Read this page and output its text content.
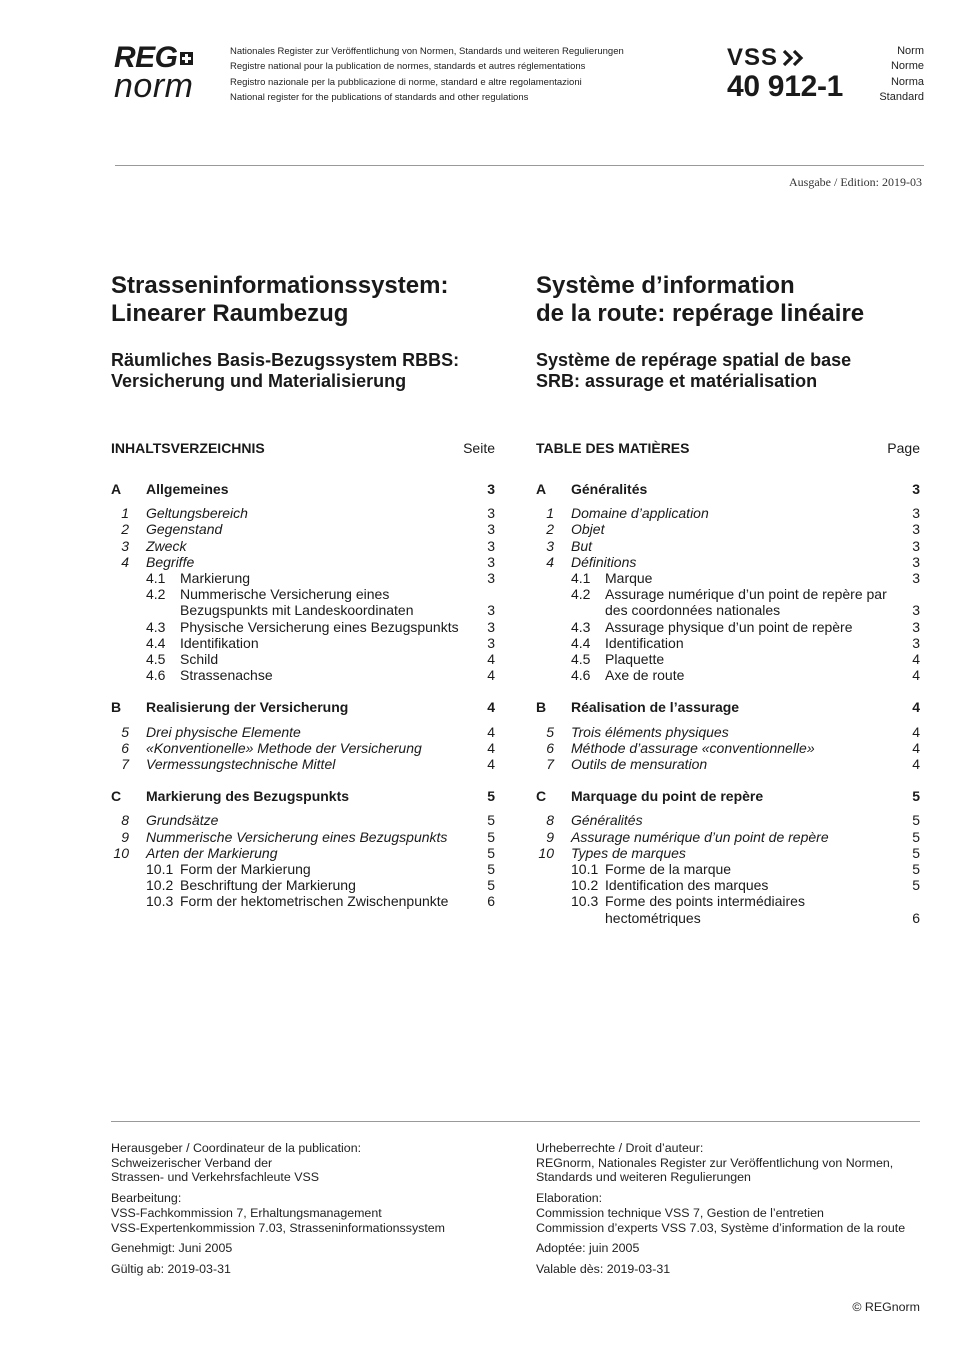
REG
norm
Nationales Register zur Veröffentlichung von Normen, Standards und weiteren Regulierungen
Registre national pour la publication de normes, standards et autres réglementations
Registro nazionale per la pubblicazione di norme, standard e altre regolamentazioni
National register for the publications of standards and other regulations
VSS
40 912-1
Norm
Norme
Norma
Standard
Ausgabe / Edition: 2019-03
Strasseninformationssystem:
Linearer Raumbezug
Räumliches Basis-Bezugssystem RBBS:
Versicherung und Materialisierung
INHALTSVERZEICHNIS	Seite
A Allgemeines	3
1 Geltungsbereich	3
2 Gegenstand	3
3 Zweck	3
4 Begriffe	3
4.1 Markierung	3
4.2 Nummerische Versicherung eines Bezugspunkts mit Landeskoordinaten	3
4.3 Physische Versicherung eines Bezugspunkts	3
4.4 Identifikation	3
4.5 Schild	4
4.6 Strassenachse	4
B Realisierung der Versicherung	4
5 Drei physische Elemente	4
6 «Konventionelle» Methode der Versicherung	4
7 Vermessungstechnische Mittel	4
C Markierung des Bezugspunkts	5
8 Grundsätze	5
9 Nummerische Versicherung eines Bezugspunkts	5
10 Arten der Markierung	5
10.1 Form der Markierung	5
10.2 Beschriftung der Markierung	5
10.3 Form der hektometrischen Zwischenpunkte	6
Système d’information
de la route: repérage linéaire
Système de repérage spatial de base
SRB: assurage et matérialisation
TABLE DES MATIÈRES	Page
A Généralités	3
1 Domaine d’application	3
2 Objet	3
3 But	3
4 Définitions	3
4.1 Marque	3
4.2 Assurage numérique d’un point de repère par des coordonnées nationales	3
4.3 Assurage physique d’un point de repère	3
4.4 Identification	3
4.5 Plaquette	4
4.6 Axe de route	4
B Réalisation de l’assurage	4
5 Trois éléments physiques	4
6 Méthode d’assurage «conventionnelle»	4
7 Outils de mensuration	4
C Marquage du point de repère	5
8 Généralités	5
9 Assurage numérique d’un point de repère	5
10 Types de marques	5
10.1 Forme de la marque	5
10.2 Identification des marques	5
10.3 Forme des points intermédiaires hectométriques	6

Herausgeber / Coordinateur de la publication:
Schweizerischer Verband der
Strassen- und Verkehrsfachleute VSS

Bearbeitung:
VSS-Fachkommission 7, Erhaltungsmanagement
VSS-Expertenkommission 7.03, Strasseninformationssystem

Genehmigt: Juni 2005

Gültig ab: 2019-03-31

Urheberrechte / Droit d’auteur:
REGnorm, Nationales Register zur Veröffentlichung von Normen,
Standards und weiteren Regulierungen

Elaboration:
Commission technique VSS 7, Gestion de l’entretien
Commission d’experts VSS 7.03, Système d’information de la route

Adoptée: juin 2005

Valable dès: 2019-03-31

© REGnorm
